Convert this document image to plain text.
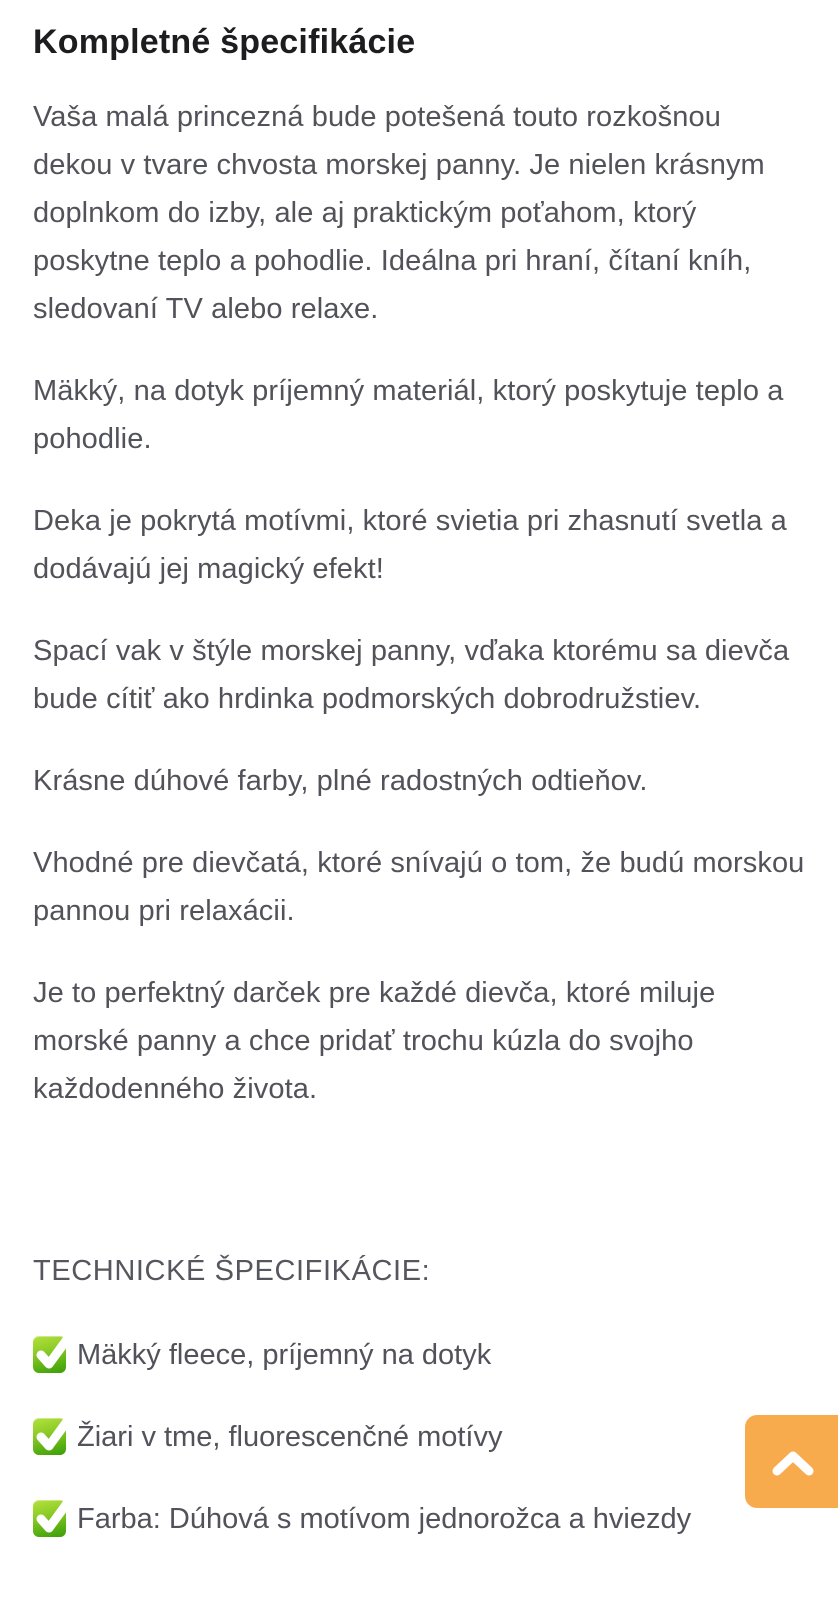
Kompletné špecifikácie

Vaša malá princezná bude potešená touto rozkošnou dekou v tvare chvosta morskej panny. Je nielen krásnym doplnkom do izby, ale aj praktickým poťahom, ktorý poskytne teplo a pohodlie. Ideálna pri hraní, čítaní kníh, sledovaní TV alebo relaxe.

Mäkký, na dotyk príjemný materiál, ktorý poskytuje teplo a pohodlie.

Deka je pokrytá motívmi, ktoré svietia pri zhasnutí svetla a dodávajú jej magický efekt!

Spací vak v štýle morskej panny, vďaka ktorému sa dievča bude cítiť ako hrdinka podmorských dobrodružstiev.

Krásne dúhové farby, plné radostných odtieňov.

Vhodné pre dievčatá, ktoré snívajú o tom, že budú morskou pannou pri relaxácii.

Je to perfektný darček pre každé dievča, ktoré miluje morské panny a chce pridať trochu kúzla do svojho každodenného života.

TECHNICKÉ ŠPECIFIKÁCIE:

Mäkký fleece, príjemný na dotyk
Žiari v tme, fluorescenčné motívy
Farba: Dúhová s motívom jednorožca a hviezdy
